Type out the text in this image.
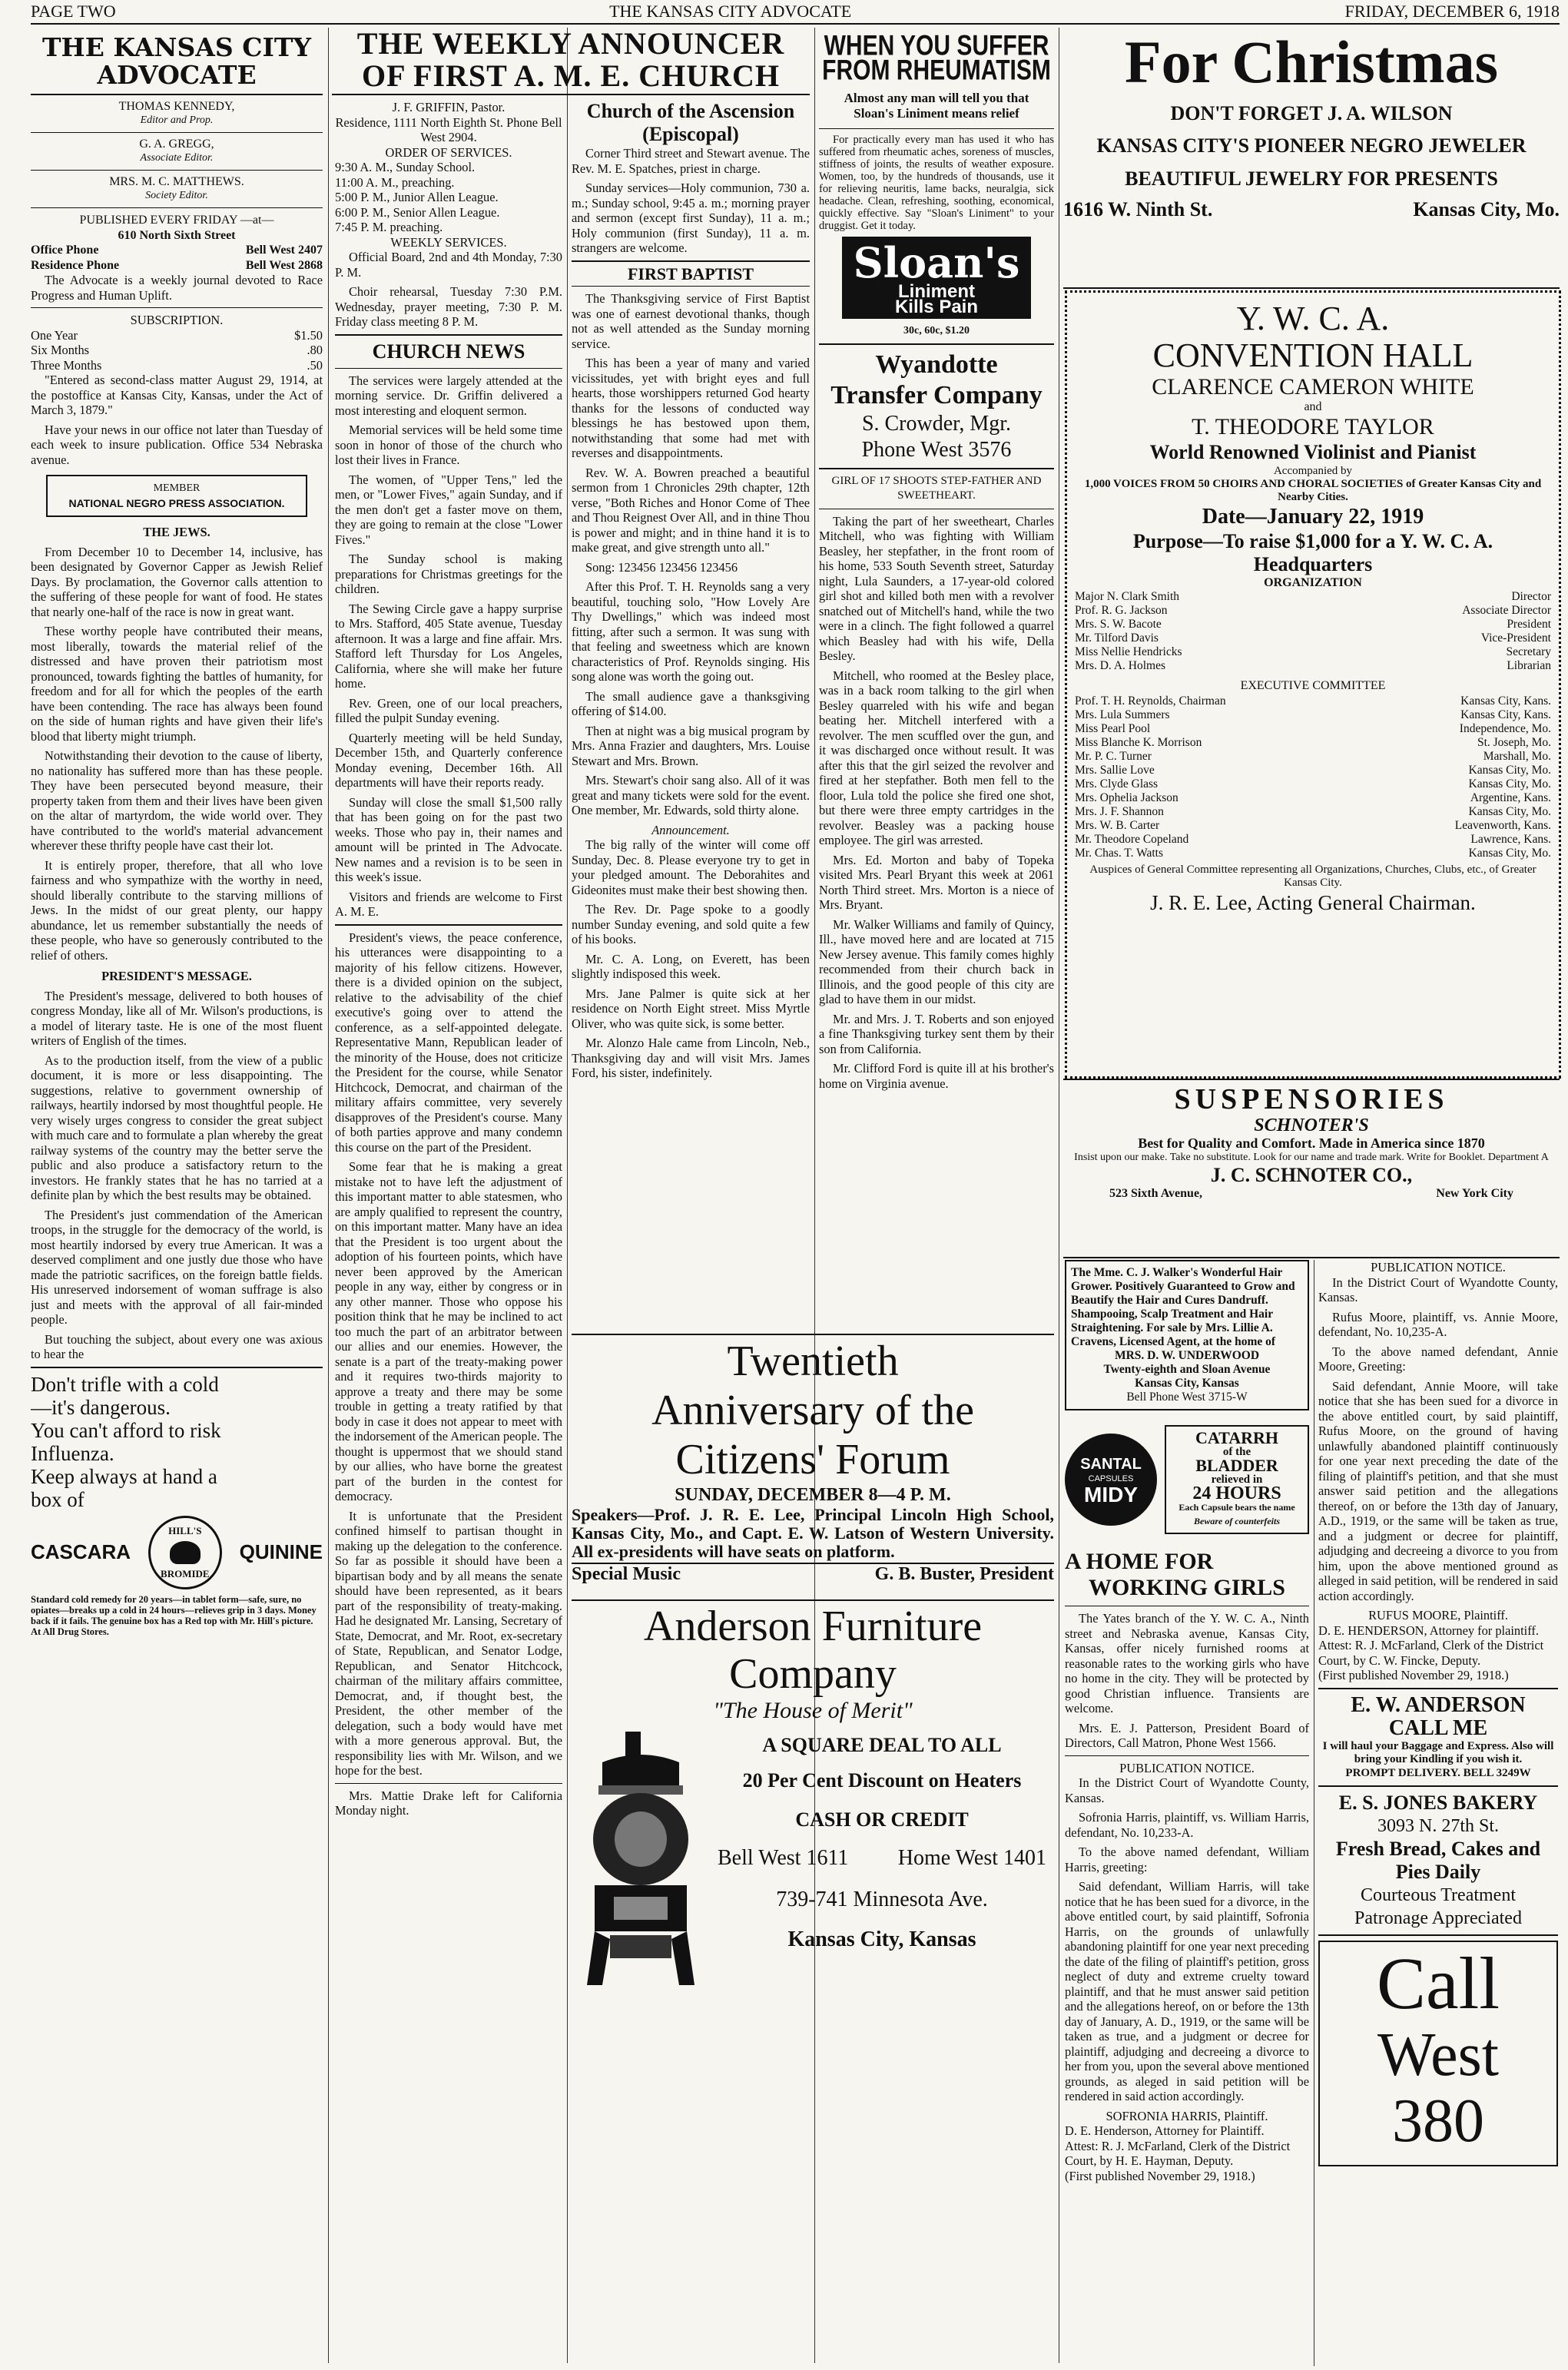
PAGE TWO	THE KANSAS CITY ADVOCATE	FRIDAY, DECEMBER 6, 1918
THE KANSAS CITY ADVOCATE
THOMAS KENNEDY,
Editor and Prop.
G. A. GREGG,
Associate Editor.
MRS. M. C. MATTHEWS.
Society Editor.
PUBLISHED EVERY FRIDAY —at—
610 North Sixth Street
Office Phone	Bell West 2407
Residence Phone	Bell West 2868

The Advocate is a weekly journal devoted to Race Progress and Human Uplift.

SUBSCRIPTION.
One Year	$1.50
Six Months	.80
Three Months	.50

"Entered as second-class matter August 29, 1914, at the postoffice at Kansas City, Kansas, under the Act of March 3, 1879."

Have your news in our office not later than Tuesday of each week to insure publication. Office 534 Nebraska avenue.

MEMBER
NATIONAL NEGRO PRESS ASSOCIATION.
THE JEWS.

From December 10 to December 14, inclusive, has been designated by Governor Capper as Jewish Relief Days. By proclamation, the Governor calls attention to the suffering of these people for want of food. He states that nearly one-half of the race is now in great want.

These worthy people have contributed their means, most liberally, towards the material relief of the distressed and have proven their patriotism most pronounced, towards fighting the battles of humanity, for freedom and for all for which the peoples of the earth have been contending. The race has always been found on the side of human rights and have given their life's blood that liberty might triumph.

Notwithstanding their devotion to the cause of liberty, no nationality has suffered more than has these people. They have been persecuted beyond measure, their property taken from them and their lives have been given on the altar of martyrdom, the wide world over. They have contributed to the world's material advancement wherever these thrifty people have cast their lot.

It is entirely proper, therefore, that all who love fairness and who sympathize with the worthy in need, should liberally contribute to the starving millions of Jews. In the midst of our great plenty, our happy abundance, let us remember substantially the needs of these people, who have so generously contributed to the relief of others.

PRESIDENT'S MESSAGE.

The President's message, delivered to both houses of congress Monday, like all of Mr. Wilson's productions, is a model of literary taste. He is one of the most fluent writers of English of the times.

As to the production itself, from the view of a public document, it is more or less disappointing. The suggestions, relative to government ownership of railways, heartily indorsed by most thoughtful people. He very wisely urges congress to consider the great subject with much care and to formulate a plan whereby the great railway systems of the country may the better serve the public and also produce a satisfactory return to the investors. He frankly states that he has no tarried at a definite plan by which the best results may be obtained.

The President's just commendation of the American troops, in the struggle for the democracy of the world, is most heartily indorsed by every true American. It was a deserved compliment and one justly due those who have made the patriotic sacrifices, on the foreign battle fields. His unreserved indorsement of woman suffrage is also just and meets with the approval of all fair-minded people.

But touching the subject, about every one was axious to hear the

Don't trifle with a cold
—it's dangerous.
You can't afford to risk
Influenza.
Keep always at hand a
box of
CASCARA
HILL'S
BROMIDE
QUININE
Standard cold remedy for 20 years—in tablet form—safe, sure, no opiates—breaks up a cold in 24 hours—relieves grip in 3 days. Money back if it fails. The genuine box has a Red top with Mr. Hill's picture. At All Drug Stores.
THE WEEKLY ANNOUNCER
OF FIRST A. M. E. CHURCH
J. F. GRIFFIN, Pastor.
Residence, 1111 North Eighth St. Phone Bell West 2904.
ORDER OF SERVICES.
9:30 A. M., Sunday School.
11:00 A. M., preaching.
5:00 P. M., Junior Allen League.
6:00 P. M., Senior Allen League.
7:45 P. M. preaching.
WEEKLY SERVICES.

Official Board, 2nd and 4th Monday, 7:30 P. M.

Choir rehearsal, Tuesday 7:30 P.M. Wednesday, prayer meeting, 7:30 P. M. Friday class meeting 8 P. M.

CHURCH NEWS

The services were largely attended at the morning service. Dr. Griffin delivered a most interesting and eloquent sermon.

Memorial services will be held some time soon in honor of those of the church who lost their lives in France.

The women, of "Upper Tens," led the men, or "Lower Fives," again Sunday, and if the men don't get a faster move on them, they are going to remain at the close "Lower Fives."

The Sunday school is making preparations for Christmas greetings for the children.

The Sewing Circle gave a happy surprise to Mrs. Stafford, 405 State avenue, Tuesday afternoon. It was a large and fine affair. Mrs. Stafford left Thursday for Los Angeles, California, where she will make her future home.

Rev. Green, one of our local preachers, filled the pulpit Sunday evening.

Quarterly meeting will be held Sunday, December 15th, and Quarterly conference Monday evening, December 16th. All departments will have their reports ready.

Sunday will close the small $1,500 rally that has been going on for the past two weeks. Those who pay in, their names and amount will be printed in The Advocate. New names and a revision is to be seen in this week's issue.

Visitors and friends are welcome to First A. M. E.

President's views, the peace conference, his utterances were disappointing to a majority of his fellow citizens. However, there is a divided opinion on the subject, relative to the advisability of the chief executive's going over to attend the conference, as a self-appointed delegate. Representative Mann, Republican leader of the minority of the House, does not criticize the President for the course, while Senator Hitchcock, Democrat, and chairman of the military affairs committee, very severely disapproves of the President's course. Many of both parties approve and many condemn this course on the part of the President.

Some fear that he is making a great mistake not to have left the adjustment of this important matter to able statesmen, who are amply qualified to represent the country, on this important matter. Many have an idea that the President is too urgent about the adoption of his fourteen points, which have never been approved by the American people in any way, either by congress or in any other manner. Those who oppose his position think that he may be inclined to act too much the part of an arbitrator between our allies and our enemies. However, the senate is a part of the treaty-making power and it requires two-thirds majority to approve a treaty and there may be some trouble in getting a treaty ratified by that body in case it does not appear to meet with the indorsement of the American people. The thought is uppermost that we should stand by our allies, who have borne the greatest part of the burden in the contest for democracy.

It is unfortunate that the President confined himself to partisan thought in making up the delegation to the conference. So far as possible it should have been a bipartisan body and by all means the senate should have been represented, as it bears part of the responsibility of treaty-making. Had he designated Mr. Lansing, Secretary of State, Democrat, and Mr. Root, ex-secretary of State, Republican, and Senator Lodge, Republican, and Senator Hitchcock, chairman of the military affairs committee, Democrat, and, if thought best, the President, the other member of the delegation, such a body would have met with a more generous approval. But, the responsibility lies with Mr. Wilson, and we hope for the best.

Mrs. Mattie Drake left for California Monday night.

Church of the Ascension (Episcopal)

Corner Third street and Stewart avenue. The Rev. M. E. Spatches, priest in charge.

Sunday services—Holy communion, 730 a. m.; Sunday school, 9:45 a. m.; morning prayer and sermon (except first Sunday), 11 a. m.; Holy communion (first Sunday), 11 a. m. strangers are welcome.

FIRST BAPTIST

The Thanksgiving service of First Baptist was one of earnest devotional thanks, though not as well attended as the Sunday morning service.

This has been a year of many and varied vicissitudes, yet with bright eyes and full hearts, those worshippers returned God hearty thanks for the lessons of conducted way blessings he has bestowed upon them, notwithstanding that some had met with reverses and disappointments.

Rev. W. A. Bowren preached a beautiful sermon from 1 Chronicles 29th chapter, 12th verse, "Both Riches and Honor Come of Thee and Thou Reignest Over All, and in thine Thou is power and might; and in thine hand it is to make great, and give strength unto all."

Song: 123456 123456 123456

After this Prof. T. H. Reynolds sang a very beautiful, touching solo, "How Lovely Are Thy Dwellings," which was indeed most fitting, after such a sermon. It was sung with that feeling and sweetness which are known characteristics of Prof. Reynolds singing. His song alone was worth the going out.

The small audience gave a thanksgiving offering of $14.00.

Then at night was a big musical program by Mrs. Anna Frazier and daughters, Mrs. Louise Stewart and Mrs. Brown.

Mrs. Stewart's choir sang also. All of it was great and many tickets were sold for the event. One member, Mr. Edwards, sold thirty alone.

Announcement.

The big rally of the winter will come off Sunday, Dec. 8. Please everyone try to get in your pledged amount. The Deborahites and Gideonites must make their best showing then.

The Rev. Dr. Page spoke to a goodly number Sunday evening, and sold quite a few of his books.

Mr. C. A. Long, on Everett, has been slightly indisposed this week.

Mrs. Jane Palmer is quite sick at her residence on North Eight street. Miss Myrtle Oliver, who was quite sick, is some better.

Mr. Alonzo Hale came from Lincoln, Neb., Thanksgiving day and will visit Mrs. James Ford, his sister, indefinitely.

WHEN YOU SUFFER
FROM RHEUMATISM
Almost any man will tell you that Sloan's Liniment means relief

For practically every man has used it who has suffered from rheumatic aches, soreness of muscles, stiffness of joints, the results of weather exposure. Women, too, by the hundreds of thousands, use it for relieving neuritis, lame backs, neuralgia, sick headache. Clean, refreshing, soothing, economical, quickly effective. Say "Sloan's Liniment" to your druggist. Get it today.

Sloan's
Liniment
Kills Pain
30c, 60c, $1.20
Wyandotte
Transfer Company
S. Crowder, Mgr.
Phone West 3576
GIRL OF 17 SHOOTS STEP-FATHER AND SWEETHEART.

Taking the part of her sweetheart, Charles Mitchell, who was fighting with William Beasley, her stepfather, in the front room of his home, 533 South Seventh street, Saturday night, Lula Saunders, a 17-year-old colored girl shot and killed both men with a revolver snatched out of Mitchell's hand, while the two were in a clinch. The fight followed a quarrel which Beasley had with his wife, Della Besley.

Mitchell, who roomed at the Besley place, was in a back room talking to the girl when Besley quarreled with his wife and began beating her. Mitchell interfered with a revolver. The men scuffled over the gun, and it was discharged once without result. It was after this that the girl seized the revolver and fired at her stepfather. Both men fell to the floor, Lula told the police she fired one shot, but there were three empty cartridges in the revolver. Beasley was a packing house employee. The girl was arrested.

Mrs. Ed. Morton and baby of Topeka visited Mrs. Pearl Bryant this week at 2061 North Third street. Mrs. Morton is a niece of Mrs. Bryant.

Mr. Walker Williams and family of Quincy, Ill., have moved here and are located at 715 New Jersey avenue. This family comes highly recommended from their church back in Illinois, and the good people of this city are glad to have them in our midst.

Mr. and Mrs. J. T. Roberts and son enjoyed a fine Thanksgiving turkey sent them by their son from California.

Mr. Clifford Ford is quite ill at his brother's home on Virginia avenue.

Twentieth
Anniversary of the
Citizens' Forum
SUNDAY, DECEMBER 8—4 P. M.
Speakers—Prof. J. R. E. Lee, Principal Lincoln High School, Kansas City, Mo., and Capt. E. W. Latson of Western University. All ex-presidents will have seats on platform.
Special Music	G. B. Buster, President
Anderson Furniture
Company
"The House of Merit"
A SQUARE DEAL TO ALL
20 Per Cent Discount on Heaters
CASH OR CREDIT
Bell West 1611 Home West 1401
739-741 Minnesota Ave.
Kansas City, Kansas
For Christmas
DON'T FORGET J. A. WILSON
KANSAS CITY'S PIONEER NEGRO JEWELER
BEAUTIFUL JEWELRY FOR PRESENTS
1616 W. Ninth St.	Kansas City, Mo.
Y. W. C. A.
CONVENTION HALL
CLARENCE CAMERON WHITE
and
T. THEODORE TAYLOR
World Renowned Violinist and Pianist
Accompanied by
1,000 VOICES FROM 50 CHOIRS AND CHORAL SOCIETIES of Greater Kansas City and Nearby Cities.
Date—January 22, 1919
Purpose—To raise $1,000 for a Y. W. C. A. Headquarters
ORGANIZATION
Major N. Clark Smith	Director
Prof. R. G. Jackson	Associate Director
Mrs. S. W. Bacote	President
Mr. Tilford Davis	Vice-President
Miss Nellie Hendricks	Secretary
Mrs. D. A. Holmes	Librarian
EXECUTIVE COMMITTEE
Prof. T. H. Reynolds, Chairman	Kansas City, Kans.
Mrs. Lula Summers	Kansas City, Kans.
Miss Pearl Pool	Independence, Mo.
Miss Blanche K. Morrison	St. Joseph, Mo.
Mr. P. C. Turner	Marshall, Mo.
Mrs. Sallie Love	Kansas City, Mo.
Mrs. Clyde Glass	Kansas City, Mo.
Mrs. Ophelia Jackson	Argentine, Kans.
Mrs. J. F. Shannon	Kansas City, Mo.
Mrs. W. B. Carter	Leavenworth, Kans.
Mr. Theodore Copeland	Lawrence, Kans.
Mr. Chas. T. Watts	Kansas City, Mo.
Auspices of General Committee representing all Organizations, Churches, Clubs, etc., of Greater Kansas City.
J. R. E. Lee, Acting General Chairman.
SUSPENSORIES
SCHNOTER'S
Best for Quality and Comfort. Made in America since 1870
Insist upon our make. Take no substitute. Look for our name and trade mark. Write for Booklet. Department A
J. C. SCHNOTER CO.,
523 Sixth Avenue,	New York City
The Mme. C. J. Walker's Wonderful Hair Grower. Positively Guaranteed to Grow and Beautify the Hair and Cures Dandruff. Shampooing, Scalp Treatment and Hair Straightening. For sale by Mrs. Lillie A. Cravens, Licensed Agent, at the home of
MRS. D. W. UNDERWOOD
Twenty-eighth and Sloan Avenue
Kansas City, Kansas
Bell Phone West 3715-W
SANTAL
CAPSULES
MIDY
CATARRH
of the
BLADDER
relieved in
24 HOURS
Each Capsule bears the name
Beware of counterfeits
A HOME FOR
WORKING GIRLS

The Yates branch of the Y. W. C. A., Ninth street and Nebraska avenue, Kansas City, Kansas, offer nicely furnished rooms at reasonable rates to the working girls who have no home in the city. They will be protected by good Christian influence. Transients are welcome.

Mrs. E. J. Patterson, President Board of Directors, Call Matron, Phone West 1566.

PUBLICATION NOTICE.

In the District Court of Wyandotte County, Kansas.

Sofronia Harris, plaintiff, vs. William Harris, defendant, No. 10,233-A.

To the above named defendant, William Harris, greeting:

Said defendant, William Harris, will take notice that he has been sued for a divorce, in the above entitled court, by said plaintiff, Sofronia Harris, on the grounds of unlawfully abandoning plaintiff for one year next preceding the date of the filing of plaintiff's petition, gross neglect of duty and extreme cruelty toward plaintiff, and that he must answer said petition and the allegations hereof, on or before the 13th day of January, A. D., 1919, or the same will be taken as true, and a judgment or decree for plaintiff, adjudging and decreeing a divorce to her from you, upon the several above mentioned grounds, as aleged in said petition will be rendered in said action accordingly.

SOFRONIA HARRIS, Plaintiff.
D. E. Henderson, Attorney for Plaintiff.
Attest: R. J. McFarland, Clerk of the District Court, by H. E. Hayman, Deputy.
(First published November 29, 1918.)
PUBLICATION NOTICE.

In the District Court of Wyandotte County, Kansas.

Rufus Moore, plaintiff, vs. Annie Moore, defendant, No. 10,235-A.

To the above named defendant, Annie Moore, Greeting:

Said defendant, Annie Moore, will take notice that she has been sued for a divorce in the above entitled court, by said plaintiff, Rufus Moore, on the ground of having unlawfully abandoned plaintiff continuously for one year next preceding the date of the filing of plaintiff's petition, and that she must answer said petition and the allegations thereof, on or before the 13th day of January, A.D., 1919, or the same will be taken as true, and a judgment or decree for plaintiff, adjudging and decreeing a divorce to you from him, upon the above mentioned ground as alleged in said petition, will be rendered in said action accordingly.

RUFUS MOORE, Plaintiff.
D. E. HENDERSON, Attorney for plaintiff.
Attest: R. J. McFarland, Clerk of the District Court, by C. W. Fincke, Deputy.
(First published November 29, 1918.)
E. W. ANDERSON
CALL ME
I will haul your Baggage and Express. Also will bring your Kindling if you wish it.
PROMPT DELIVERY. BELL 3249W
E. S. JONES BAKERY
3093 N. 27th St.
Fresh Bread, Cakes and Pies Daily
Courteous Treatment
Patronage Appreciated
Call
West
380
